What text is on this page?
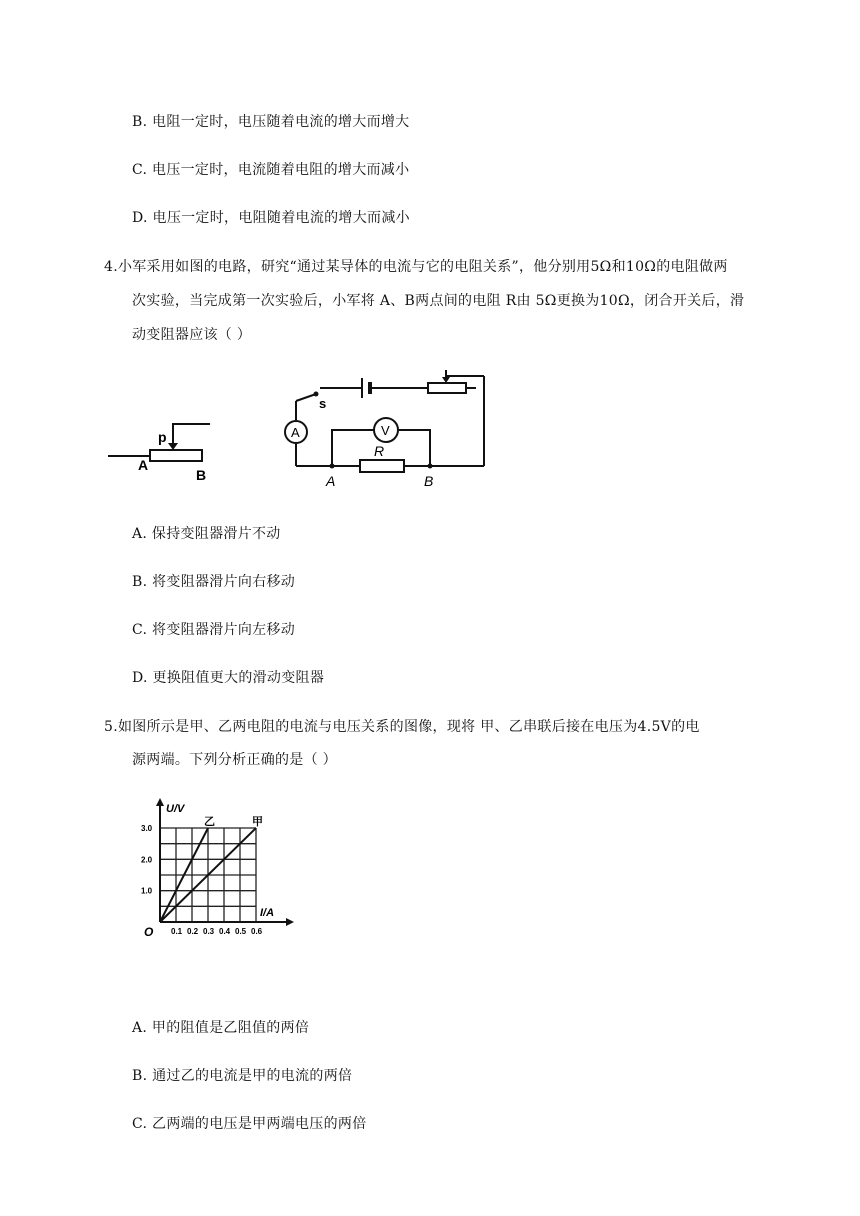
B. 电阻一定时，电压随着电流的增大而增大
C. 电压一定时，电流随着电阻的增大而减小
D. 电压一定时，电阻随着电流的增大而减小
4.小军采用如图的电路，研究“通过某导体的电流与它的电阻关系”，他分别用5Ω和10Ω的电阻做两
次实验，当完成第一次实验后，小军将 A、B两点间的电阻 R由 5Ω更换为10Ω，闭合开关后，滑
动变阻器应该（ ）
p
A
B
A	V
s
R
A	B
A. 保持变阻器滑片不动
B. 将变阻器滑片向右移动
C. 将变阻器滑片向左移动
D. 更换阻值更大的滑动变阻器
5.如图所示是甲、乙两电阻的电流与电压关系的图像，现将 甲、乙串联后接在电压为4.5V的电
源两端。下列分析正确的是（ ）
甲
乙
0.1 0.2 0.3 0.4 0.5 0.6
1.0
2.0
3.0
O
I/A
U/V
A. 甲的阻值是乙阻值的两倍
B. 通过乙的电流是甲的电流的两倍
C. 乙两端的电压是甲两端电压的两倍
